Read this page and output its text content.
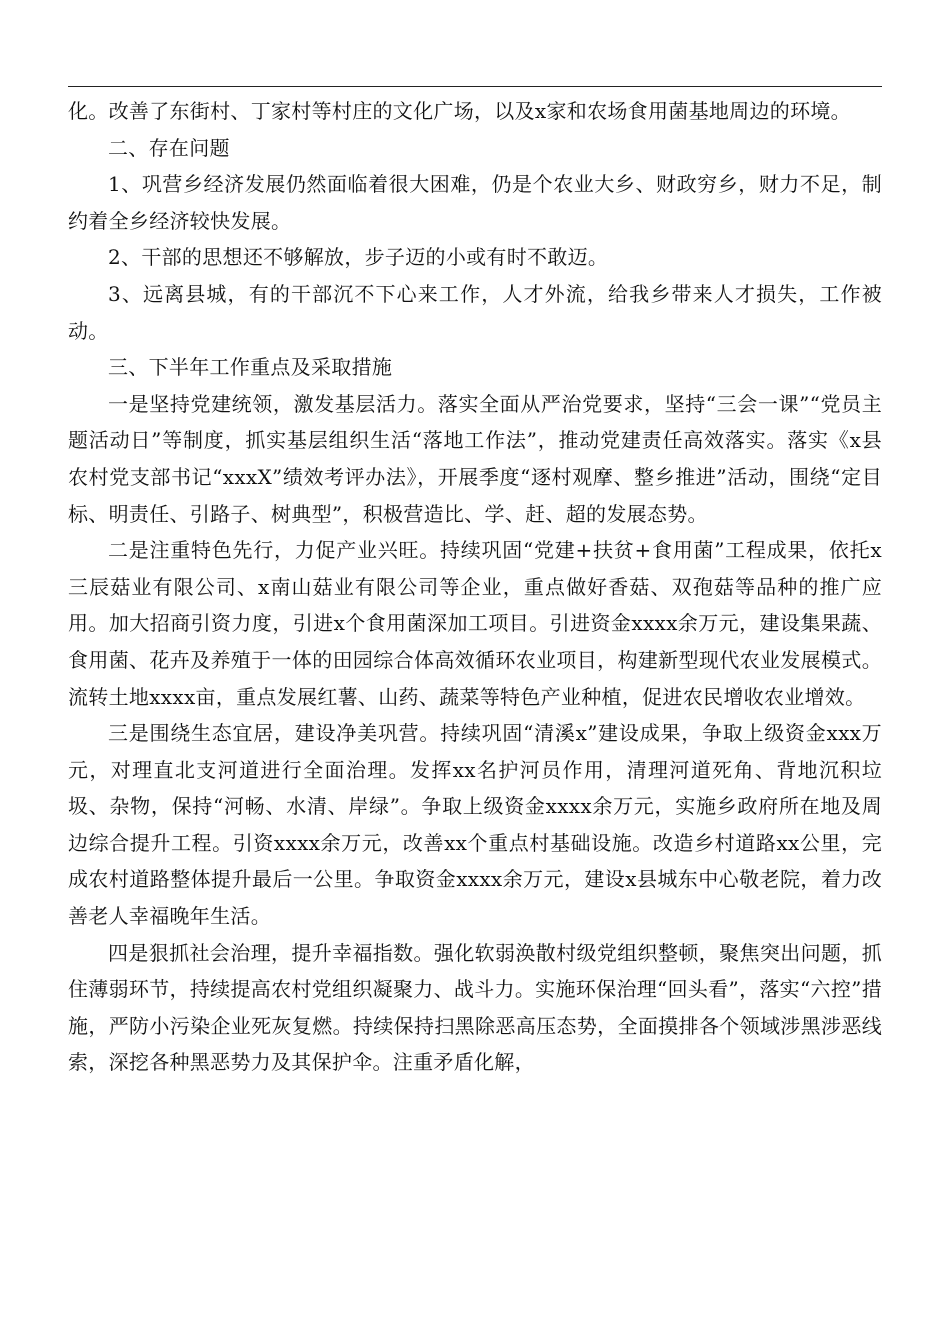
化。改善了东街村、丁家村等村庄的文化广场，以及x家和农场食用菌基地周边的环境。

二、存在问题

1、巩营乡经济发展仍然面临着很大困难，仍是个农业大乡、财政穷乡，财力不足，制约着全乡经济较快发展。

2、干部的思想还不够解放，步子迈的小或有时不敢迈。

3、远离县城，有的干部沉不下心来工作，人才外流，给我乡带来人才损失，工作被动。

三、下半年工作重点及采取措施

一是坚持党建统领，激发基层活力。落实全面从严治党要求，坚持“三会一课”“党员主题活动日”等制度，抓实基层组织生活“落地工作法”，推动党建责任高效落实。落实《x县农村党支部书记“xxxX”绩效考评办法》，开展季度“逐村观摩、整乡推进”活动，围绕“定目标、明责任、引路子、树典型”，积极营造比、学、赶、超的发展态势。

二是注重特色先行，力促产业兴旺。持续巩固“党建+扶贫+食用菌”工程成果，依托x三辰菇业有限公司、x南山菇业有限公司等企业，重点做好香菇、双孢菇等品种的推广应用。加大招商引资力度，引进x个食用菌深加工项目。引进资金xxxx余万元，建设集果蔬、食用菌、花卉及养殖于一体的田园综合体高效循环农业项目，构建新型现代农业发展模式。流转土地xxxx亩，重点发展红薯、山药、蔬菜等特色产业种植，促进农民增收农业增效。

三是围绕生态宜居，建设净美巩营。持续巩固“清溪x”建设成果，争取上级资金xxx万元，对理直北支河道进行全面治理。发挥xx名护河员作用，清理河道死角、背地沉积垃圾、杂物，保持“河畅、水清、岸绿”。争取上级资金xxxx余万元，实施乡政府所在地及周边综合提升工程。引资xxxx余万元，改善xx个重点村基础设施。改造乡村道路xx公里，完成农村道路整体提升最后一公里。争取资金xxxx余万元，建设x县城东中心敬老院，着力改善老人幸福晚年生活。

四是狠抓社会治理，提升幸福指数。强化软弱涣散村级党组织整顿，聚焦突出问题，抓住薄弱环节，持续提高农村党组织凝聚力、战斗力。实施环保治理“回头看”，落实“六控”措施，严防小污染企业死灰复燃。持续保持扫黑除恶高压态势，全面摸排各个领域涉黑涉恶线索，深挖各种黑恶势力及其保护伞。注重矛盾化解，
